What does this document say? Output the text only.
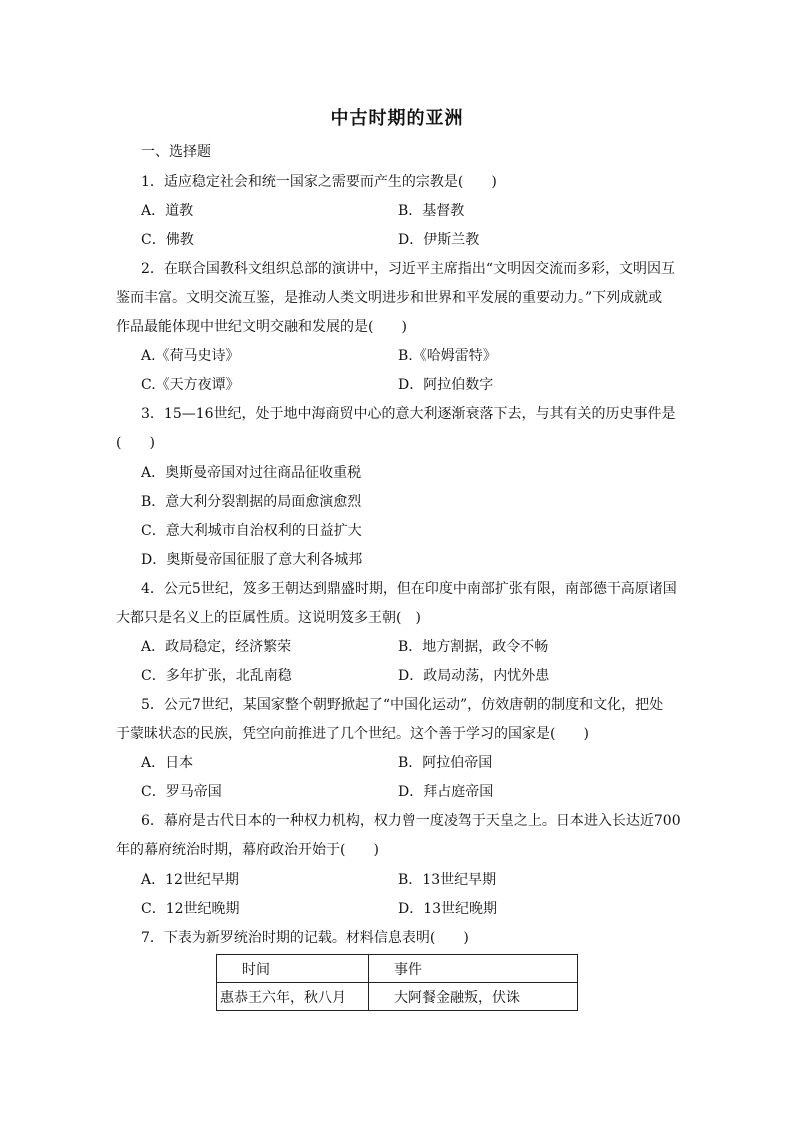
中古时期的亚洲
一、选择题
1．适应稳定社会和统一国家之需要而产生的宗教是(　　)
A．道教	B．基督教
C．佛教	D．伊斯兰教
2．在联合国教科文组织总部的演讲中，习近平主席指出“文明因交流而多彩，文明因互
鉴而丰富。文明交流互鉴，是推动人类文明进步和世界和平发展的重要动力。”下列成就或
作品最能体现中世纪文明交融和发展的是(　　)
A.《荷马史诗》	B.《哈姆雷特》
C.《天方夜谭》	D．阿拉伯数字
3．15—16世纪，处于地中海商贸中心的意大利逐渐衰落下去，与其有关的历史事件是
(　　)
A．奥斯曼帝国对过往商品征收重税
B．意大利分裂割据的局面愈演愈烈
C．意大利城市自治权利的日益扩大
D．奥斯曼帝国征服了意大利各城邦
4．公元5世纪，笈多王朝达到鼎盛时期，但在印度中南部扩张有限，南部德干高原诸国
大都只是名义上的臣属性质。这说明笈多王朝(　)
A．政局稳定，经济繁荣	B．地方割据，政令不畅
C．多年扩张，北乱南稳	D．政局动荡，内忧外患
5．公元7世纪，某国家整个朝野掀起了“中国化运动”，仿效唐朝的制度和文化，把处
于蒙昧状态的民族，凭空向前推进了几个世纪。这个善于学习的国家是(　　)
A．日本	B．阿拉伯帝国
C．罗马帝国	D．拜占庭帝国
6．幕府是古代日本的一种权力机构，权力曾一度凌驾于天皇之上。日本进入长达近700
年的幕府统治时期，幕府政治开始于(　　)
A．12世纪早期	B．13世纪早期
C．12世纪晚期	D．13世纪晚期
7．下表为新罗统治时期的记载。材料信息表明(　　)
时间	事件
惠恭王六年，秋八月	大阿餐金融叛，伏诛
